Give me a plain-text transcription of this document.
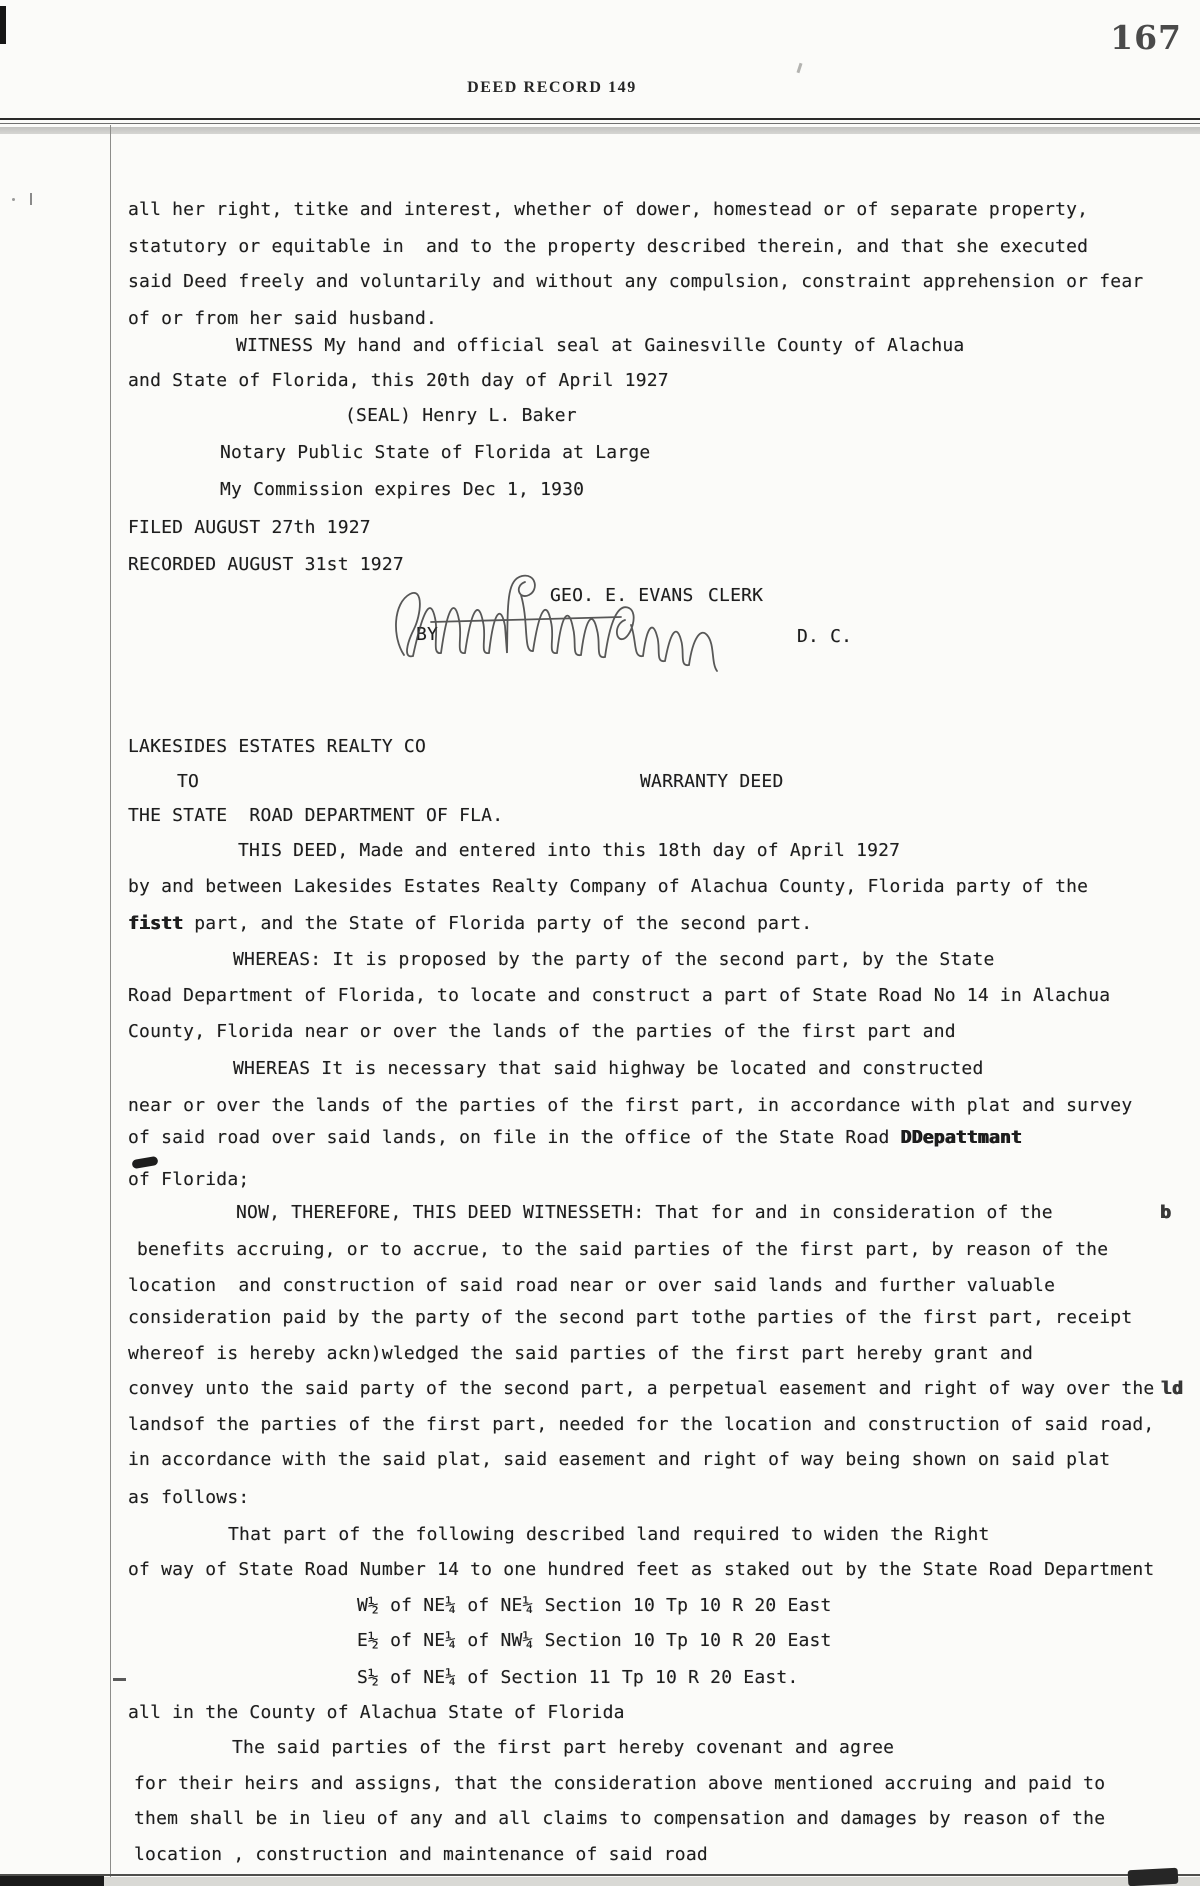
167
DEED RECORD 149
all her right, titke and interest, whether of dower, homestead or of separate property,
statutory or equitable in  and to the property described therein, and that she executed
said Deed freely and voluntarily and without any compulsion, constraint apprehension or fear
of or from her said husband.
WITNESS My hand and official seal at Gainesville County of Alachua
and State of Florida, this 20th day of April 1927
(SEAL) Henry L. Baker
Notary Public State of Florida at Large
My Commission expires Dec 1, 1930
FILED AUGUST 27th 1927
RECORDED AUGUST 31st 1927
LAKESIDES ESTATES REALTY CO
TO	WARRANTY DEED
THE STATE  ROAD DEPARTMENT OF FLA.
THIS DEED, Made and entered into this 18th day of April 1927
by and between Lakesides Estates Realty Company of Alachua County, Florida party of the
fistt part, and the State of Florida party of the second part.
WHEREAS: It is proposed by the party of the second part, by the State
Road Department of Florida, to locate and construct a part of State Road No 14 in Alachua
County, Florida near or over the lands of the parties of the first part and
WHEREAS It is necessary that said highway be located and constructed
near or over the lands of the parties of the first part, in accordance with plat and survey
of said road over said lands, on file in the office of the State Road DDepattmant
of Florida;
NOW, THEREFORE, THIS DEED WITNESSETH: That for and in consideration of the	b
benefits accruing, or to accrue, to the said parties of the first part, by reason of the
location  and construction of said road near or over said lands and further valuable
consideration paid by the party of the second part tothe parties of the first part, receipt
whereof is hereby ackn)wledged the said parties of the first part hereby grant and
convey unto the said party of the second part, a perpetual easement and right of way over the ld
landsof the parties of the first part, needed for the location and construction of said road,
in accordance with the said plat, said easement and right of way being shown on said plat
as follows:
That part of the following described land required to widen the Right
of way of State Road Number 14 to one hundred feet as staked out by the State Road Department
W½ of NE¼ of NE¼ Section 10 Tp 10 R 20 East
E½ of NE¼ of NW¼ Section 10 Tp 10 R 20 East
S½ of NE¼ of Section 11 Tp 10 R 20 East.
all in the County of Alachua State of Florida
The said parties of the first part hereby covenant and agree
for their heirs and assigns, that the consideration above mentioned accruing and paid to
them shall be in lieu of any and all claims to compensation and damages by reason of the
location , construction and maintenance of said road
GEO. E. EVANS CLERK
BY	D. C.
